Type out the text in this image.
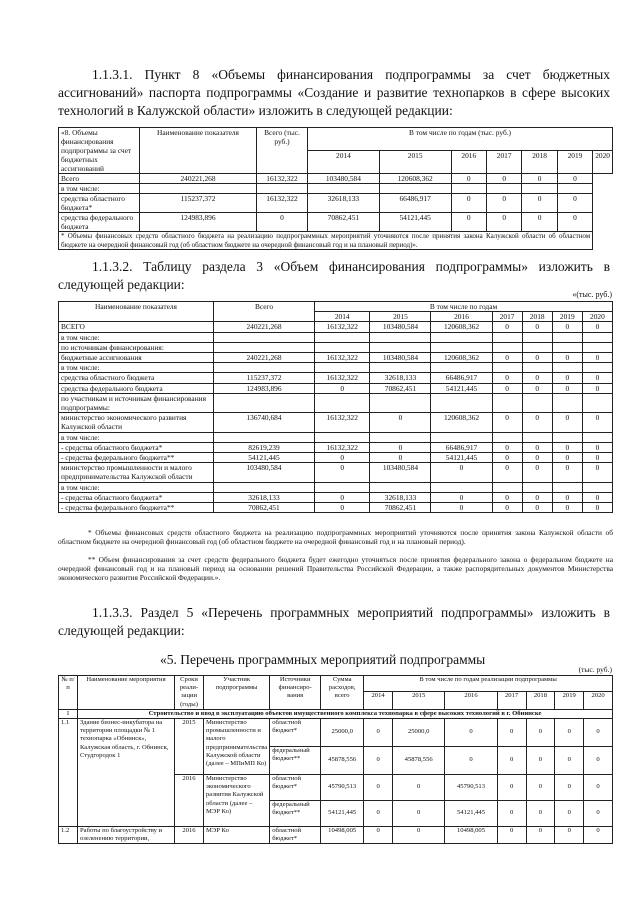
1.1.3.1. Пункт 8 «Объемы финансирования подпрограммы за счет бюджетных ассигнований» паспорта подпрограммы «Создание и развитие технопарков в сфере высоких технологий в Калужской области» изложить в следующей редакции:
«8. Объемы финансирования подпрограммы за счет бюджетных ассигнований	Наименование показателя	Всего (тыс. руб.)	В том числе по годам (тыс. руб.)						
			2014	2015	2016	2017	2018	2019	2020
Всего	240221,268	16132,322	103480,584	120608,362	0	0	0	0	
в том числе:									
средства областного бюджета*	115237,372	16132,322	32618,133	66486,917	0	0	0	0	
средства федерального бюджета	124983,896	0	70862,451	54121,445	0	0	0	0	
* Объемы финансовых средств областного бюджета на реализацию подпрограммных мероприятий уточняются после принятия закона Калужской области об областном бюджете на очередной финансовый год (об областном бюджете на очередной финансовый год и на плановый период)».									
1.1.3.2. Таблицу раздела 3 «Объем финансирования подпрограммы» изложить в следующей редакции:
«(тыс. руб.)
Наименование показателя	Всего	В том числе по годам						
		2014	2015	2016	2017	2018	2019	2020
ВСЕГО	240221,268	16132,322	103480,584	120608,362	0	0	0	0
в том числе:								
по источникам финансирования:								
бюджетные ассигнования	240221,268	16132,322	103480,584	120608,362	0	0	0	0
в том числе:								
средства областного бюджета	115237,372	16132,322	32618,133	66486,917	0	0	0	0
средства федерального бюджета	124983,896	0	70862,451	54121,445	0	0	0	0
по участникам и источникам финансирования подпрограммы:								
министерство экономического развития Калужской области	136740,684	16132,322	0	120608,362	0	0	0	0
в том числе:								
- средства областного бюджета*	82619,239	16132,322	0	66486,917	0	0	0	0
- средства федерального бюджета**	54121,445	0	0	54121,445	0	0	0	0
министерство промышленности и малого предпринимательства Калужской области	103480,584	0	103480,584	0	0	0	0	0
в том числе:								
- средства областного бюджета*	32618,133	0	32618,133	0	0	0	0	0
- средства федерального бюджета**	70862,451	0	70862,451	0	0	0	0	0
* Объемы финансовых средств областного бюджета на реализацию подпрограммных мероприятий уточняются после принятия закона Калужской области об областном бюджете на очередной финансовый год (об областном бюджете на очередной финансовый год и на плановый период).
** Объем финансирования за счет средств федерального бюджета будет ежегодно уточняться после принятия федерального закона о федеральном бюджете на очередной финансовый год и на плановый период на основании решений Правительства Российской Федерации, а также распорядительных документов Министерства экономического развития Российской Федерации.».
1.1.3.3. Раздел 5 «Перечень программных мероприятий подпрограммы» изложить в следующей редакции:
«5. Перечень программных мероприятий подпрограммы
(тыс. руб.)
№ п/п	Наименование мероприятия	Сроки реали-зации (годы)	Участник подпрограммы	Источники финансиро-вания	Сумма расходов, всего	В том числе по годам реализации подпрограммы						
						2014	2015	2016	2017	2018	2019	2020
I	Строительство и ввод в эксплуатацию объектов имущественного комплекса технопарка в сфере высоких технологий в г. Обнинске											
1.1	Здание бизнес-инкубатора на территории площадки № 1 технопарка «Обнинск», Калужская область, г. Обнинск, Студгородок 1	2015	Министерство промышленности и малого предпринимательства Калужской области (далее – МПиМП Ко)	областной бюджет*	25000,0	0	25000,0	0	0	0	0	0
				федеральный бюджет**	45878,556	0	45878,556	0	0	0	0	0
		2016	Министерство экономического развития Калужской области (далее – МЭР Ко)	областной бюджет*	45790,513	0	0	45790,513	0	0	0	0
				федеральный бюджет**	54121,445	0	0	54121,445	0	0	0	0
1.2	Работы по благоустройству и озеленению территории,	2016	МЭР Ко	областной бюджет*	10498,005	0	0	10498,005	0	0	0	0
